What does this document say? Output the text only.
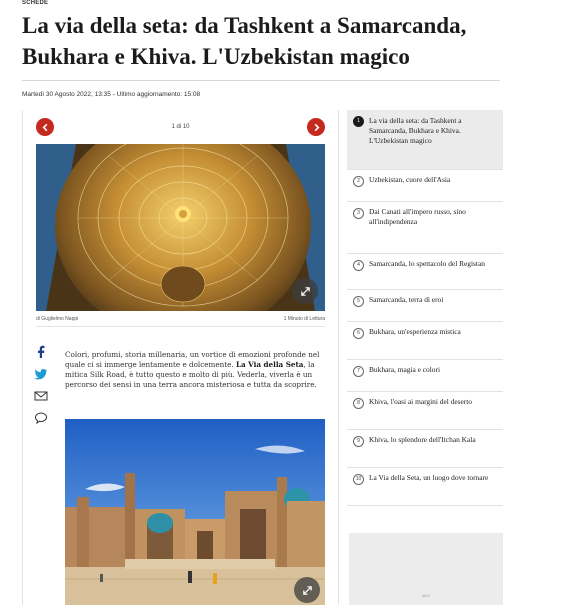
SCHEDE
La via della seta: da Tashkent a Samarcanda, Bukhara e Khiva. L'Uzbekistan magico
Martedì 30 Agosto 2022, 13:35 - Ultimo aggiornamento: 15:08
1 di 10
di Guglielmo Nappi	1 Minuto di Lettura

Colori, profumi, storia millenaria, un vortice di emozioni profonde nel quale ci si immerge lentamente e dolcemente. La Via della Seta, la mitica Silk Road, è tutto questo e molto di più. Vederla, viverla è un percorso dei sensi in una terra ancora misteriosa e tutta da scoprire.

1	La via della seta: da Tashkent a Samarcanda, Bukhara e Khiva. L'Uzbekistan magico
2	Uzbekistan, cuore dell'Asia
3	Dai Canati all'impero russo, sino all'indipendenza
4	Samarcanda, lo spettacolo del Registan
5	Samarcanda, terra di eroi
6	Bukhara, un'esperienza mistica
7	Bukhara, magia e colori
8	Khiva, l'oasi ai margini del deserto
9	Khiva, lo splendore dell'Itchan Kala
10	La Via della Seta, un luogo dove tornare
ADV
